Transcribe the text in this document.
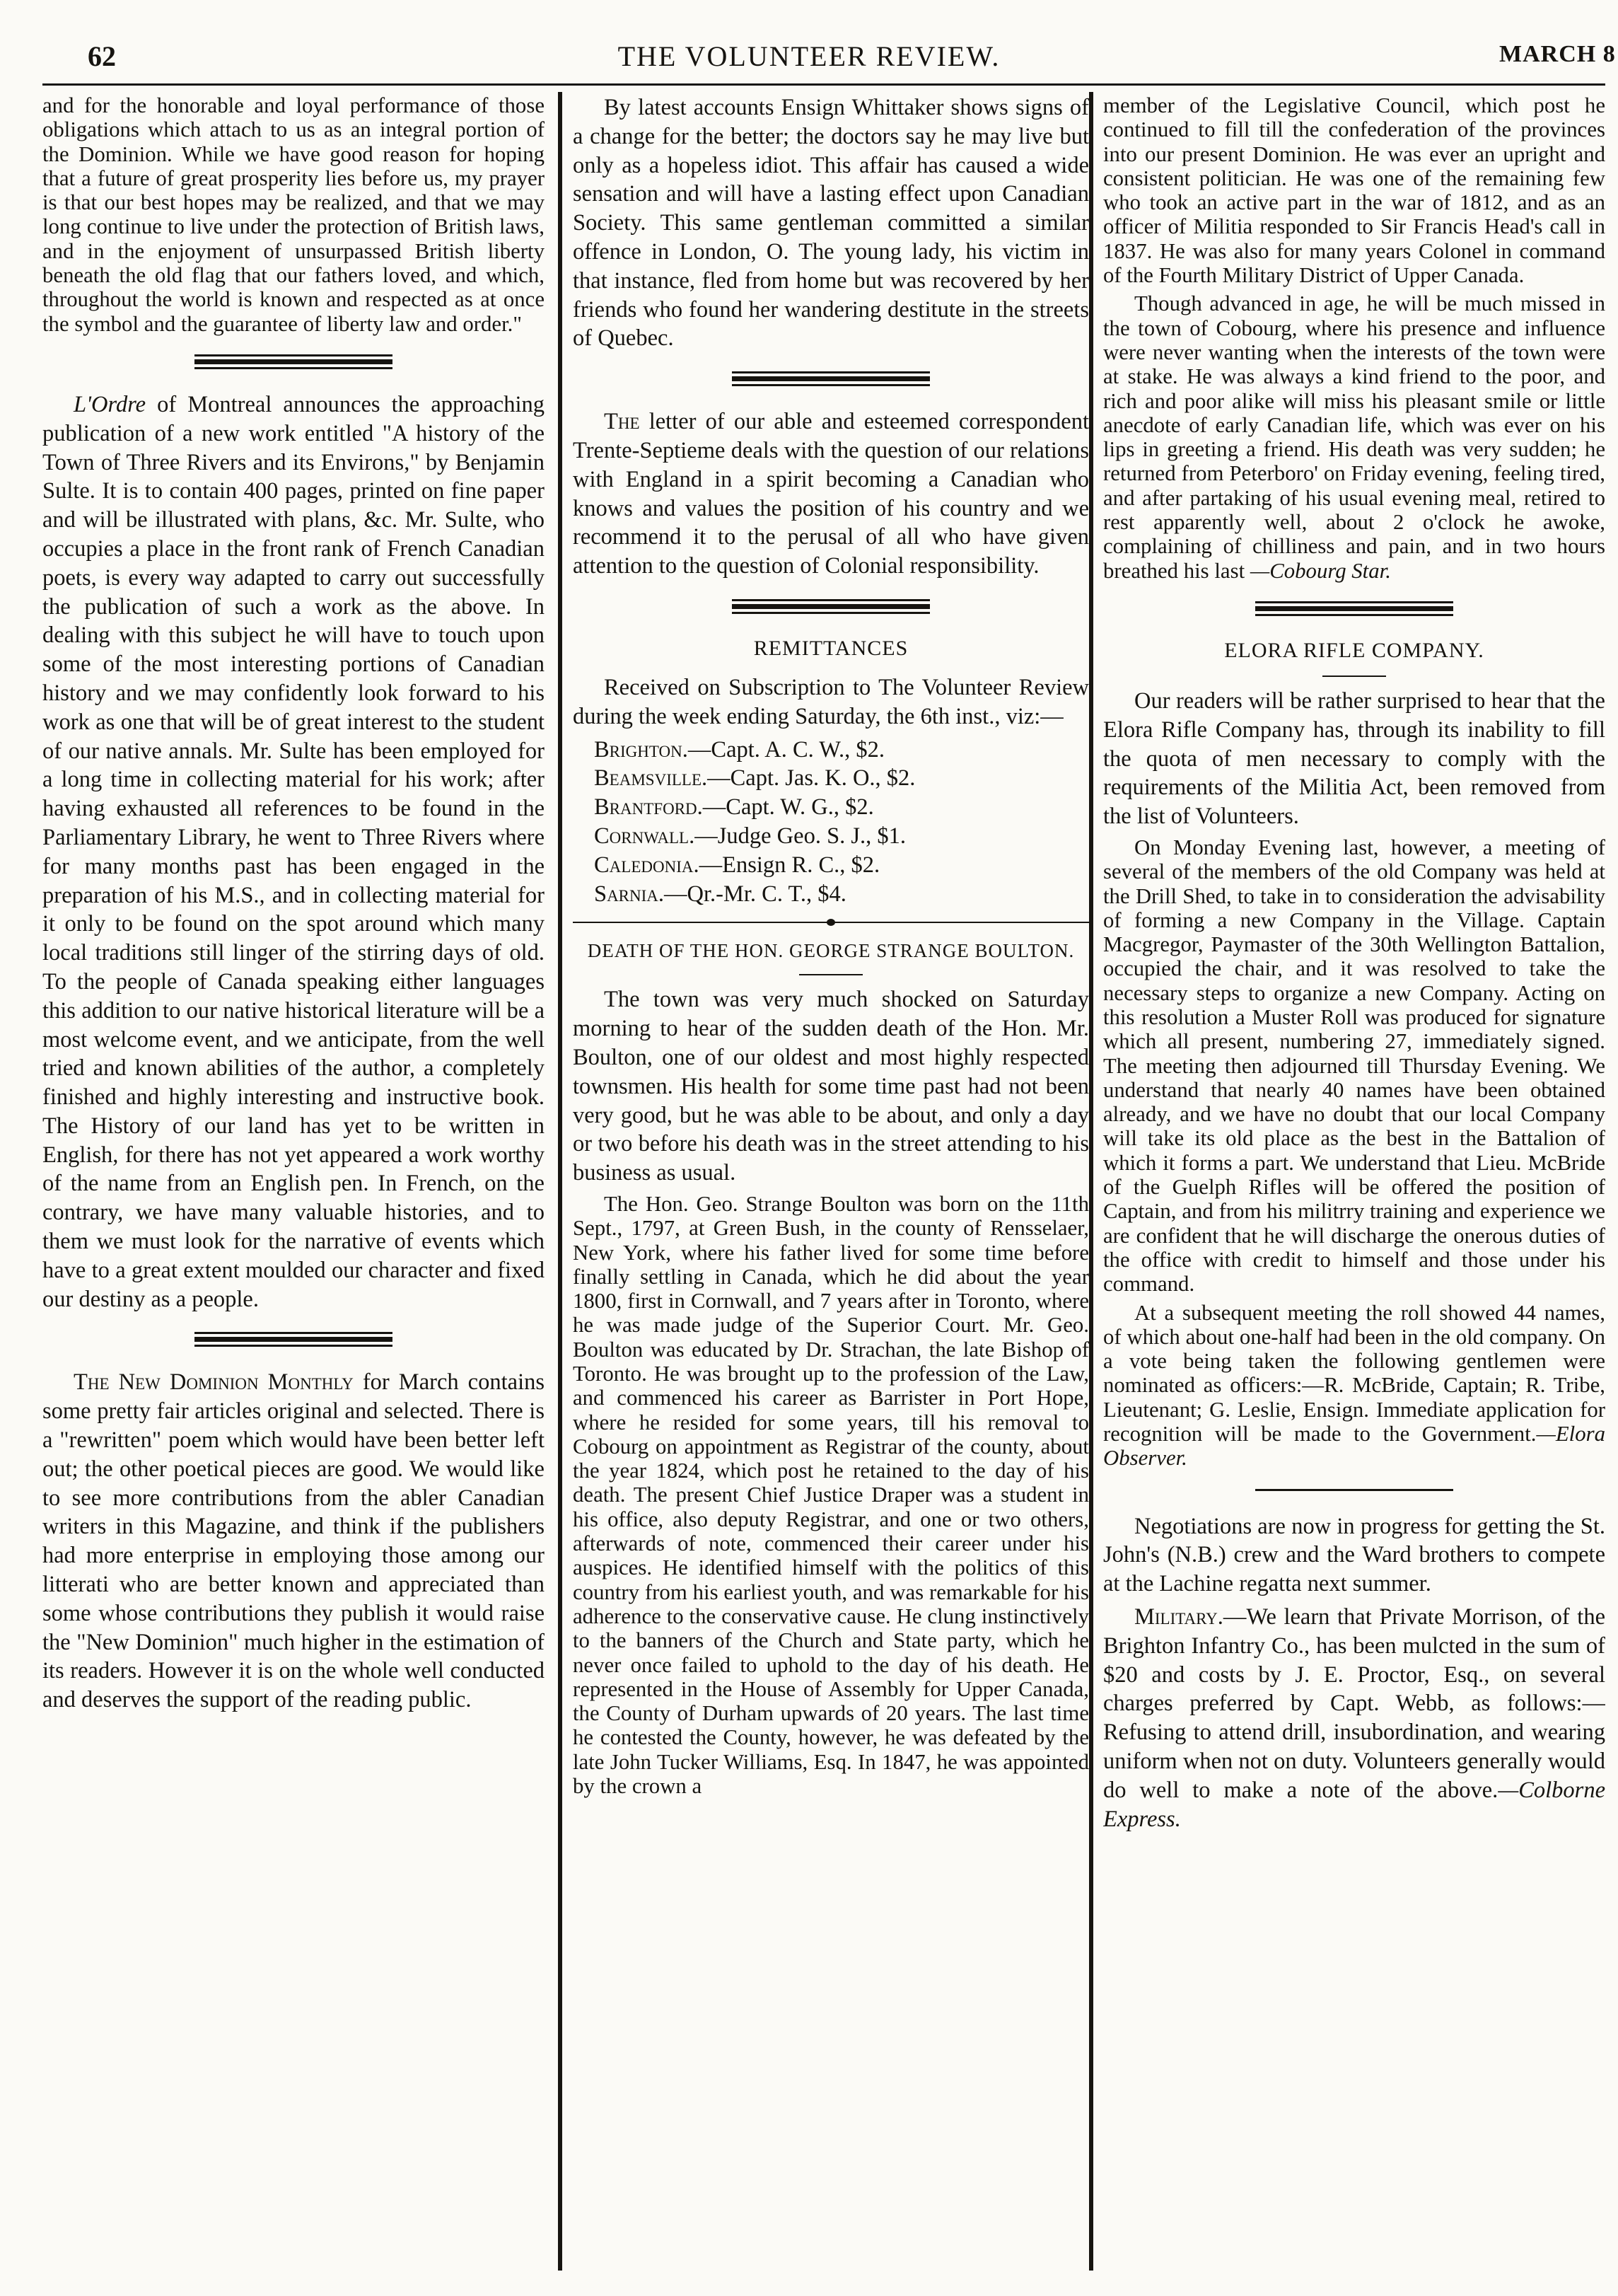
62	THE VOLUNTEER REVIEW.	MARCH 8

and for the honorable and loyal performance of those obligations which attach to us as an integral portion of the Dominion. While we have good reason for hoping that a future of great prosperity lies before us, my prayer is that our best hopes may be realized, and that we may long continue to live under the protection of British laws, and in the enjoyment of unsurpassed British liberty beneath the old flag that our fathers loved, and which, throughout the world is known and respected as at once the symbol and the guarantee of liberty law and order."

L'Ordre of Montreal announces the approaching publication of a new work entitled "A history of the Town of Three Rivers and its Environs," by Benjamin Sulte. It is to contain 400 pages, printed on fine paper and will be illustrated with plans, &c. Mr. Sulte, who occupies a place in the front rank of French Canadian poets, is every way adapted to carry out successfully the publication of such a work as the above. In dealing with this subject he will have to touch upon some of the most interesting portions of Canadian history and we may confidently look forward to his work as one that will be of great interest to the student of our native annals. Mr. Sulte has been employed for a long time in collecting material for his work; after having exhausted all references to be found in the Parliamentary Library, he went to Three Rivers where for many months past has been engaged in the preparation of his M.S., and in collecting material for it only to be found on the spot around which many local traditions still linger of the stirring days of old. To the people of Canada speaking either languages this addition to our native historical literature will be a most welcome event, and we anticipate, from the well tried and known abilities of the author, a completely finished and highly interesting and instructive book. The History of our land has yet to be written in English, for there has not yet appeared a work worthy of the name from an English pen. In French, on the contrary, we have many valuable histories, and to them we must look for the narrative of events which have to a great extent moulded our character and fixed our destiny as a people.

The New Dominion Monthly for March contains some pretty fair articles original and selected. There is a "rewritten" poem which would have been better left out; the other poetical pieces are good. We would like to see more contributions from the abler Canadian writers in this Magazine, and think if the publishers had more enterprise in employing those among our litterati who are better known and appreciated than some whose contributions they publish it would raise the "New Dominion" much higher in the estimation of its readers. However it is on the whole well conducted and deserves the support of the reading public.

By latest accounts Ensign Whittaker shows signs of a change for the better; the doctors say he may live but only as a hopeless idiot. This affair has caused a wide sensation and will have a lasting effect upon Canadian Society. This same gentleman committed a similar offence in London, O. The young lady, his victim in that instance, fled from home but was recovered by her friends who found her wandering destitute in the streets of Quebec.

The letter of our able and esteemed correspondent Trente-Septieme deals with the question of our relations with England in a spirit becoming a Canadian who knows and values the position of his country and we recommend it to the perusal of all who have given attention to the question of Colonial responsibility.

REMITTANCES

Received on Subscription to The Volunteer Review during the week ending Saturday, the 6th inst., viz:—

Brighton.—Capt. A. C. W., $2.

Beamsville.—Capt. Jas. K. O., $2.

Brantford.—Capt. W. G., $2.

Cornwall.—Judge Geo. S. J., $1.

Caledonia.—Ensign R. C., $2.

Sarnia.—Qr.-Mr. C. T., $4.

DEATH OF THE HON. GEORGE STRANGE BOULTON.

The town was very much shocked on Saturday morning to hear of the sudden death of the Hon. Mr. Boulton, one of our oldest and most highly respected townsmen. His health for some time past had not been very good, but he was able to be about, and only a day or two before his death was in the street attending to his business as usual.

The Hon. Geo. Strange Boulton was born on the 11th Sept., 1797, at Green Bush, in the county of Rensselaer, New York, where his father lived for some time before finally settling in Canada, which he did about the year 1800, first in Cornwall, and 7 years after in Toronto, where he was made judge of the Superior Court. Mr. Geo. Boulton was educated by Dr. Strachan, the late Bishop of Toronto. He was brought up to the profession of the Law, and commenced his career as Barrister in Port Hope, where he resided for some years, till his removal to Cobourg on appointment as Registrar of the county, about the year 1824, which post he retained to the day of his death. The present Chief Justice Draper was a student in his office, also deputy Registrar, and one or two others, afterwards of note, commenced their career under his auspices. He identified himself with the politics of this country from his earliest youth, and was remarkable for his adherence to the conservative cause. He clung instinctively to the banners of the Church and State party, which he never once failed to uphold to the day of his death. He represented in the House of Assembly for Upper Canada, the County of Durham upwards of 20 years. The last time he contested the County, however, he was defeated by the late John Tucker Williams, Esq. In 1847, he was appointed by the crown a

member of the Legislative Council, which post he continued to fill till the confederation of the provinces into our present Dominion. He was ever an upright and consistent politician. He was one of the remaining few who took an active part in the war of 1812, and as an officer of Militia responded to Sir Francis Head's call in 1837. He was also for many years Colonel in command of the Fourth Military District of Upper Canada.

Though advanced in age, he will be much missed in the town of Cobourg, where his presence and influence were never wanting when the interests of the town were at stake. He was always a kind friend to the poor, and rich and poor alike will miss his pleasant smile or little anecdote of early Canadian life, which was ever on his lips in greeting a friend. His death was very sudden; he returned from Peterboro' on Friday evening, feeling tired, and after partaking of his usual evening meal, retired to rest apparently well, about 2 o'clock he awoke, complaining of chilliness and pain, and in two hours breathed his last —Cobourg Star.

ELORA RIFLE COMPANY.

Our readers will be rather surprised to hear that the Elora Rifle Company has, through its inability to fill the quota of men necessary to comply with the requirements of the Militia Act, been removed from the list of Volunteers.

On Monday Evening last, however, a meeting of several of the members of the old Company was held at the Drill Shed, to take in to consideration the advisability of forming a new Company in the Village. Captain Macgregor, Paymaster of the 30th Wellington Battalion, occupied the chair, and it was resolved to take the necessary steps to organize a new Company. Acting on this resolution a Muster Roll was produced for signature which all present, numbering 27, immediately signed. The meeting then adjourned till Thursday Evening. We understand that nearly 40 names have been obtained already, and we have no doubt that our local Company will take its old place as the best in the Battalion of which it forms a part. We understand that Lieu. McBride of the Guelph Rifles will be offered the position of Captain, and from his militrry training and experience we are confident that he will discharge the onerous duties of the office with credit to himself and those under his command.

At a subsequent meeting the roll showed 44 names, of which about one-half had been in the old company. On a vote being taken the following gentlemen were nominated as officers:—R. McBride, Captain; R. Tribe, Lieutenant; G. Leslie, Ensign. Immediate application for recognition will be made to the Government.—Elora Observer.

Negotiations are now in progress for getting the St. John's (N.B.) crew and the Ward brothers to compete at the Lachine regatta next summer.

Military.—We learn that Private Morrison, of the Brighton Infantry Co., has been mulcted in the sum of $20 and costs by J. E. Proctor, Esq., on several charges preferred by Capt. Webb, as follows:—Refusing to attend drill, insubordination, and wearing uniform when not on duty. Volunteers generally would do well to make a note of the above.—Colborne Express.
